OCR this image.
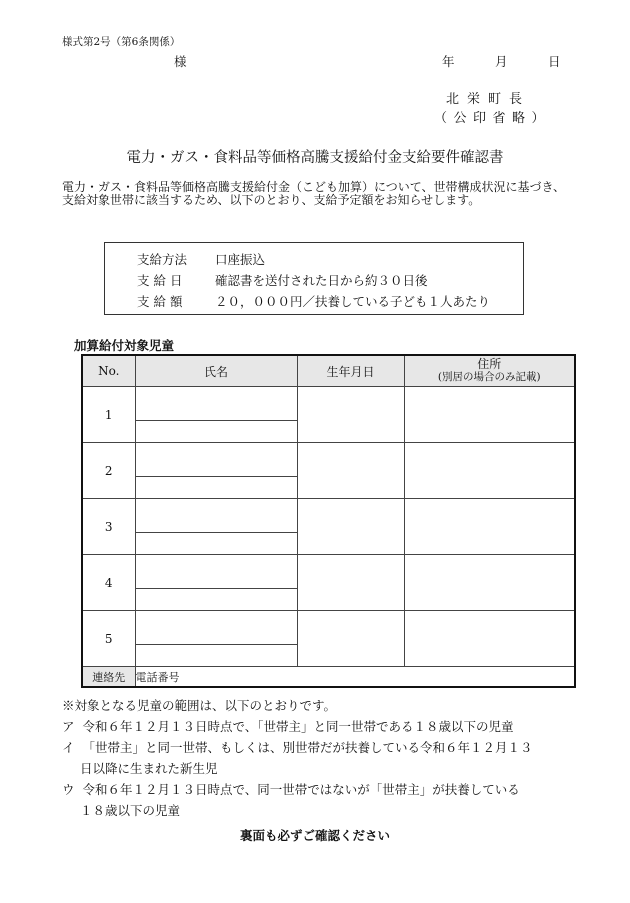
様式第2号（第6条関係）
様	年	月	日
北栄町長
（公印省略）
電力・ガス・食料品等価格高騰支援給付金支給要件確認書
電力・ガス・食料品等価格高騰支援給付金（こども加算）について、世帯構成状況に基づき、支給対象世帯に該当するため、以下のとおり、支給予定額をお知らせします。
支給方法 口座振込
支 給 日	確認書を送付された日から約３０日後
支 給 額	２０，０００円／扶養している子ども１人あたり
加算給付対象児童
No.	氏名	生年月日	住所
(別居の場合のみ記載)

1	

2	

3	

4	

5	

連絡先	電話番号		
※対象となる児童の範囲は、以下のとおりです。
ア 令和６年１２月１３日時点で、「世帯主」と同一世帯である１８歳以下の児童
イ 「世帯主」と同一世帯、もしくは、別世帯だが扶養している令和６年１２月１３
日以降に生まれた新生児
ウ 令和６年１２月１３日時点で、同一世帯ではないが「世帯主」が扶養している
１８歳以下の児童
裏面も必ずご確認ください
